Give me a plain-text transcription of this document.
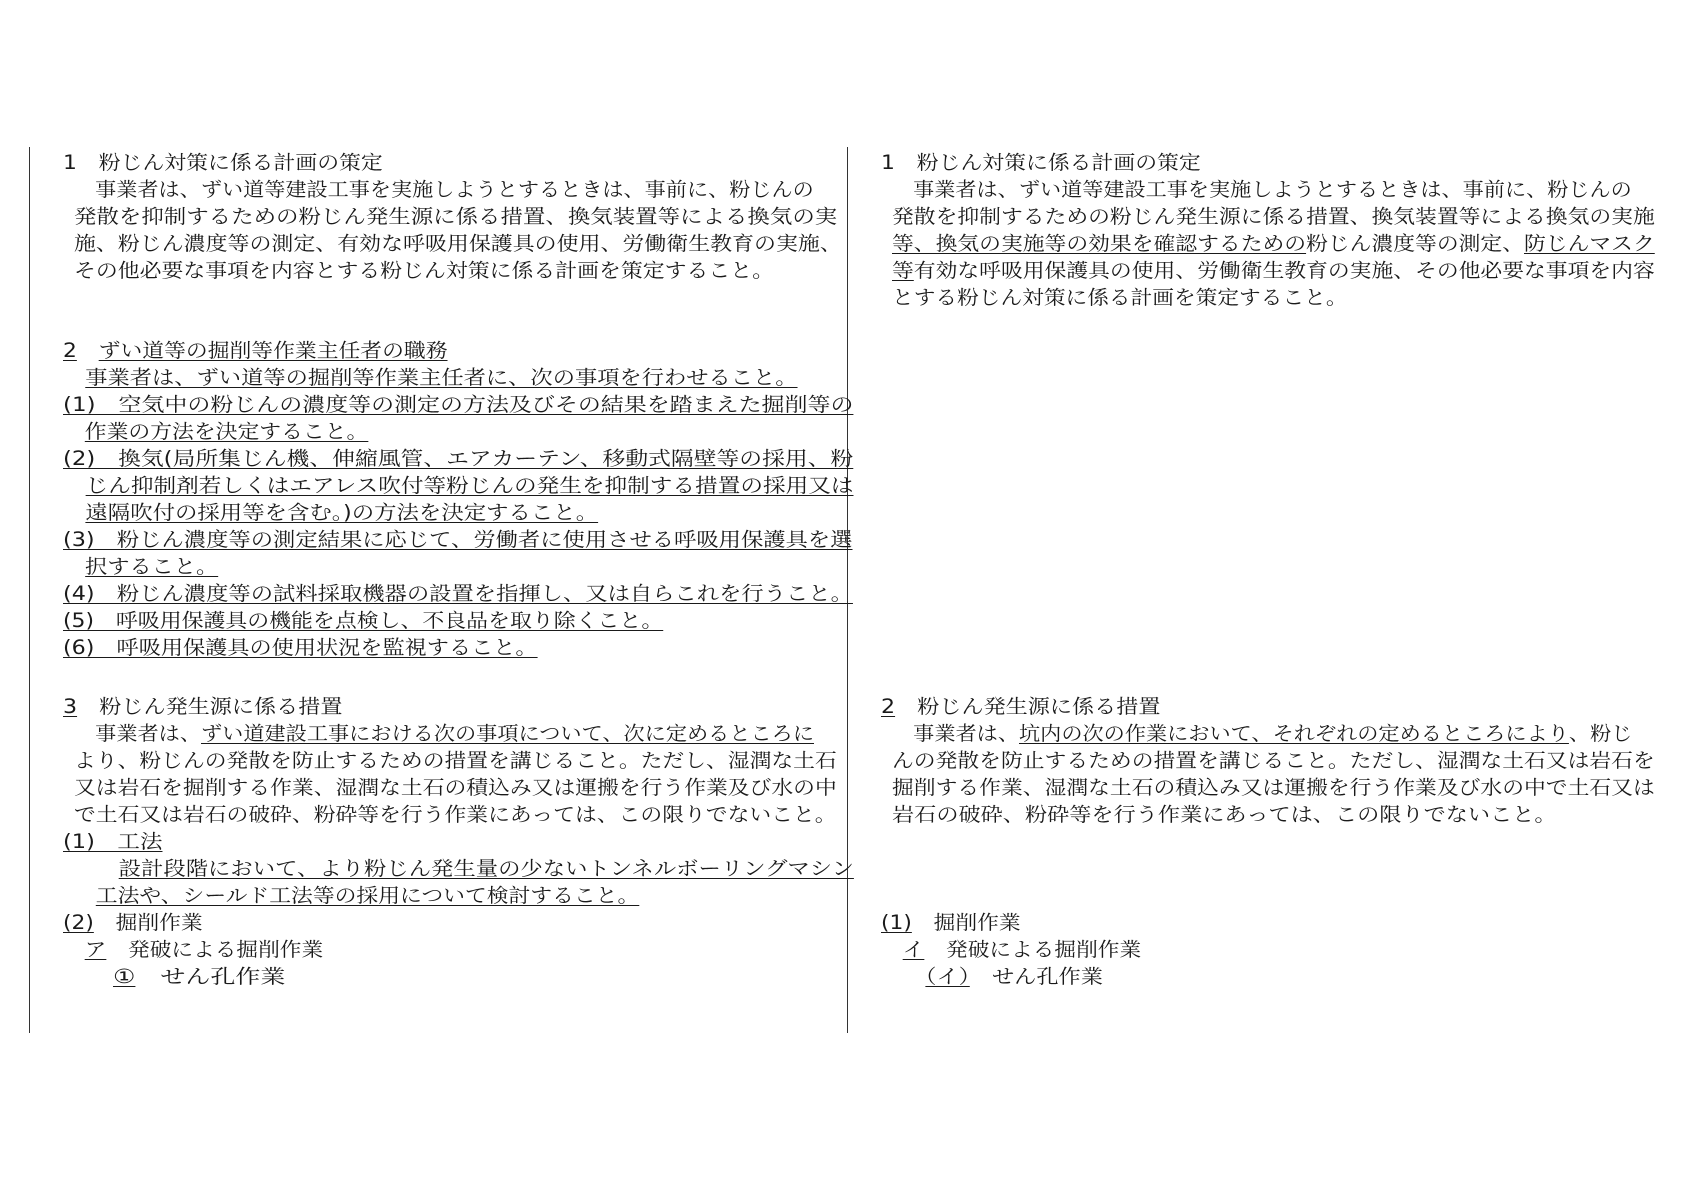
1　粉じん対策に係る計画の策定
　事業者は、ずい道等建設工事を実施しようとするときは、事前に、粉じんの
発散を抑制するための粉じん発生源に係る措置、換気装置等による換気の実
施、粉じん濃度等の測定、有効な呼吸用保護具の使用、労働衛生教育の実施、
その他必要な事項を内容とする粉じん対策に係る計画を策定すること。
2　 ずい道等の掘削等作業主任者の職務
　事業者は、ずい道等の掘削等作業主任者に、次の事項を行わせること。
(1)　空気中の粉じんの濃度等の測定の方法及びその結果を踏まえた掘削等の
　作業の方法を決定すること。
(2)　換気(局所集じん機、伸縮風管、エアカーテン、移動式隔壁等の採用、粉
　じん抑制剤若しくはエアレス吹付等粉じんの発生を抑制する措置の採用又は
　遠隔吹付の採用等を含む。)の方法を決定すること。
(3)　粉じん濃度等の測定結果に応じて、労働者に使用させる呼吸用保護具を選
　択すること。
(4)　粉じん濃度等の試料採取機器の設置を指揮し、又は自らこれを行うこと。
(5)　呼吸用保護具の機能を点検し、不良品を取り除くこと。
(6)　呼吸用保護具の使用状況を監視すること。
3　粉じん発生源に係る措置
　事業者は、ずい道建設工事における次の事項について、次に定めるところに
より、粉じんの発散を防止するための措置を講じること。ただし、湿潤な土石
又は岩石を掘削する作業、湿潤な土石の積込み又は運搬を行う作業及び水の中
で土石又は岩石の破砕、粉砕等を行う作業にあっては、この限りでないこと。
(1)　工法
　　設計段階において、より粉じん発生量の少ないトンネルボーリングマシン
　工法や、シールド工法等の採用について検討すること。
(2)　掘削作業
　ア　発破による掘削作業
　　①　せん孔作業
1　粉じん対策に係る計画の策定
　事業者は、ずい道等建設工事を実施しようとするときは、事前に、粉じんの
発散を抑制するための粉じん発生源に係る措置、換気装置等による換気の実施
等、換気の実施等の効果を確認するための粉じん濃度等の測定、防じんマスク
等有効な呼吸用保護具の使用、労働衛生教育の実施、その他必要な事項を内容
とする粉じん対策に係る計画を策定すること。
2　粉じん発生源に係る措置
　事業者は、坑内の次の作業において、それぞれの定めるところにより、粉じ
んの発散を防止するための措置を講じること。ただし、湿潤な土石又は岩石を
掘削する作業、湿潤な土石の積込み又は運搬を行う作業及び水の中で土石又は
岩石の破砕、粉砕等を行う作業にあっては、この限りでないこと。
(1)　掘削作業
　イ　発破による掘削作業
　　（イ）　せん孔作業
